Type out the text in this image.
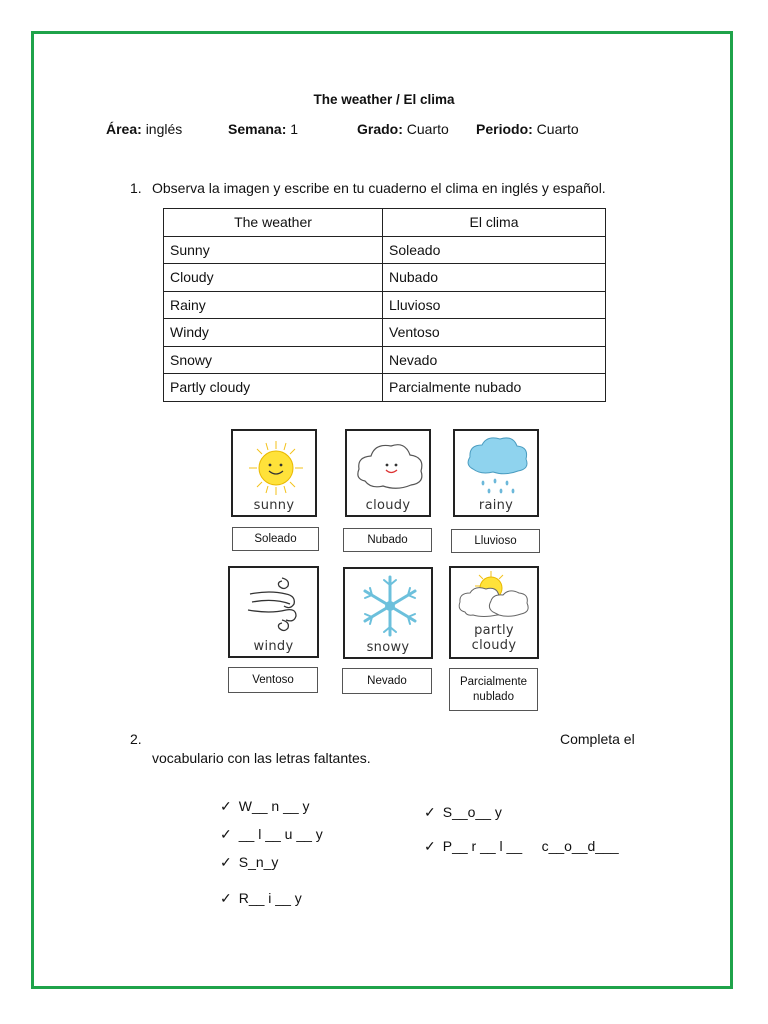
The weather / El clima
Área: inglés	Semana: 1	Grado: Cuarto Periodo: Cuarto
1. Observa la imagen y escribe en tu cuaderno el clima en inglés y español.
The weather	El clima
Sunny	Soleado
Cloudy	Nubado
Rainy	Lluvioso
Windy	Ventoso
Snowy	Nevado
Partly cloudy	Parcialmente nubado
sunny	cloudy	rainy
Soleado	Nubado	Lluvioso
windy	snowy
partly
cloudy
Ventoso	Nevado	Parcialmente
nublado
2.	Completa el
vocabulario con las letras faltantes.
✓ W__ n __ y
✓ __ l __ u __ y
✓ S_n_y
✓ R__ i __ y
✓ S__o__ y
✓ P__ r __ l __     c__o__d___
